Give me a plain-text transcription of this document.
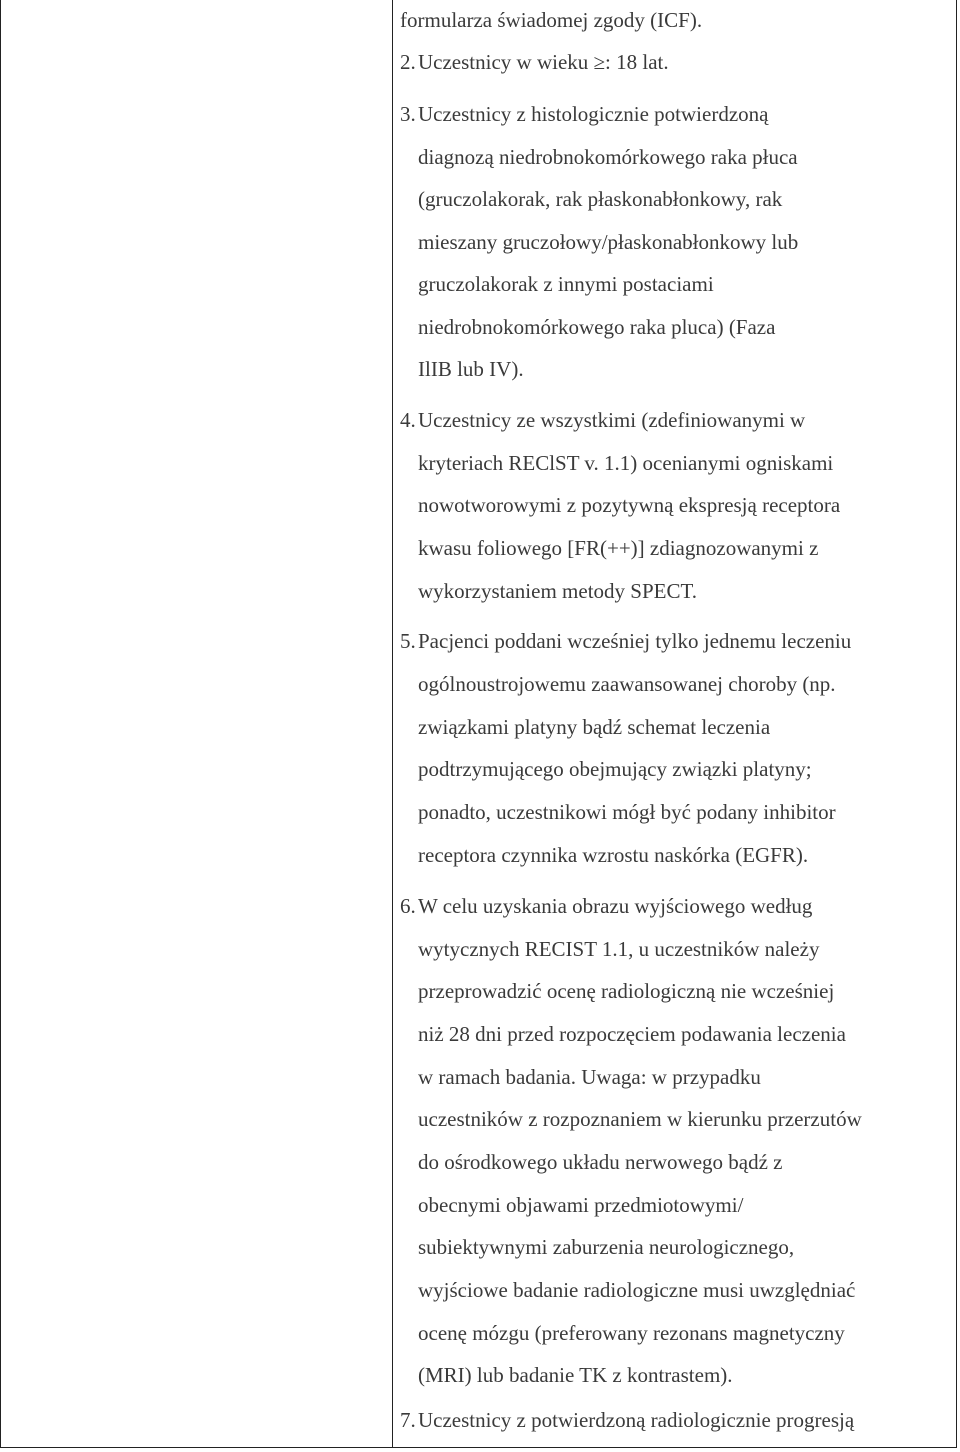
formularza świadomej zgody (ICF).
2. Uczestnicy w wieku ≥: 18 lat.
3. Uczestnicy z histologicznie potwierdzoną
diagnozą niedrobnokomórkowego raka płuca
(gruczolakorak, rak płaskonabłonkowy, rak
mieszany gruczołowy/płaskonabłonkowy lub
gruczolakorak z innymi postaciami
niedrobnokomórkowego raka pluca) (Faza
IlIB lub IV).
4. Uczestnicy ze wszystkimi (zdefiniowanymi w
kryteriach REClST v. 1.1) ocenianymi ogniskami
nowotworowymi z pozytywną ekspresją receptora
kwasu foliowego [FR(++)] zdiagnozowanymi z
wykorzystaniem metody SPECT.
5. Pacjenci poddani wcześniej tylko jednemu leczeniu
ogólnoustrojowemu zaawansowanej choroby (np.
związkami platyny bądź schemat leczenia
podtrzymującego obejmujący związki platyny;
ponadto, uczestnikowi mógł być podany inhibitor
receptora czynnika wzrostu naskórka (EGFR).
6. W celu uzyskania obrazu wyjściowego według
wytycznych RECIST 1.1, u uczestników należy
przeprowadzić ocenę radiologiczną nie wcześniej
niż 28 dni przed rozpoczęciem podawania leczenia
w ramach badania. Uwaga: w przypadku
uczestników z rozpoznaniem w kierunku przerzutów
do ośrodkowego układu nerwowego bądź z
obecnymi objawami przedmiotowymi/
subiektywnymi zaburzenia neurologicznego,
wyjściowe badanie radiologiczne musi uwzględniać
ocenę mózgu (preferowany rezonans magnetyczny
(MRI) lub badanie TK z kontrastem).
7. Uczestnicy z potwierdzoną radiologicznie progresją
